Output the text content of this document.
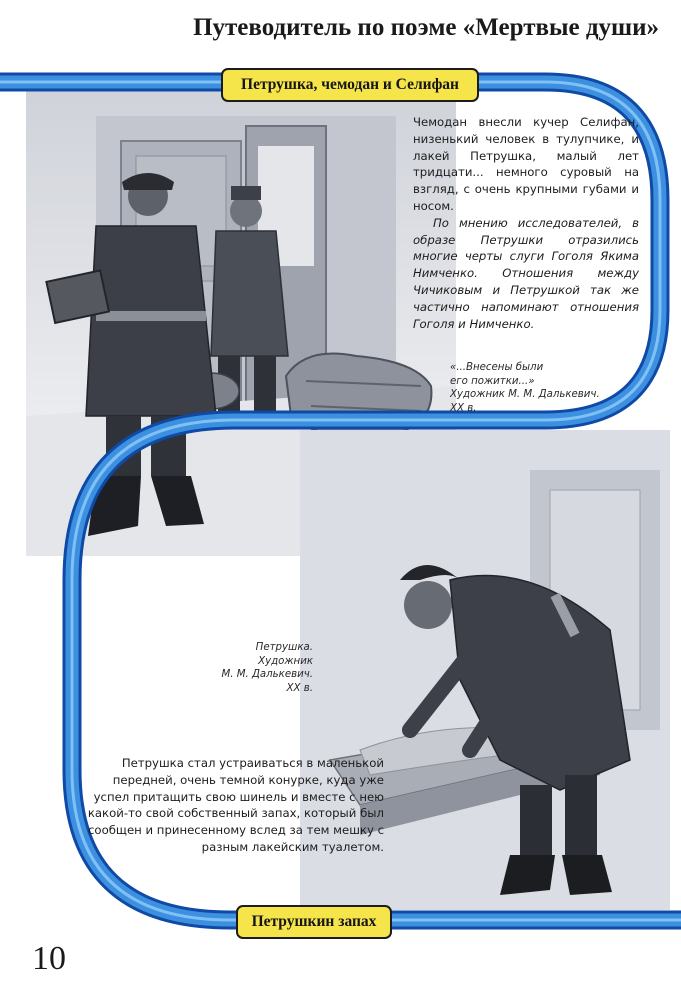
Путеводитель по поэме «Мертвые души»

Чемодан внесли кучер Селифан, низенький человек в тулупчике, и лакей Петрушка, малый лет тридцати... немного суровый на взгляд, с очень крупными губами и носом.

По мнению исследователей, в образе Петрушки отразились многие черты слуги Гоголя Якима Нимченко. Отношения между Чичиковым и Петрушкой так же частично напоминают отношения Гоголя и Нимченко.

«...Внесены были
его пожитки...»
Художник М. М. Далькевич.
XX в.
Петрушка.
Художник
М. М. Далькевич.
XX в.

Петрушка стал устраиваться в маленькой передней, очень темной конурке, куда уже успел притащить свою шинель и вместе с нею какой-то свой собственный запах, который был сообщен и принесенному вслед за тем мешку с разным лакейским туалетом.

Петрушка, чемодан и Селифан
Петрушкин запах
10
